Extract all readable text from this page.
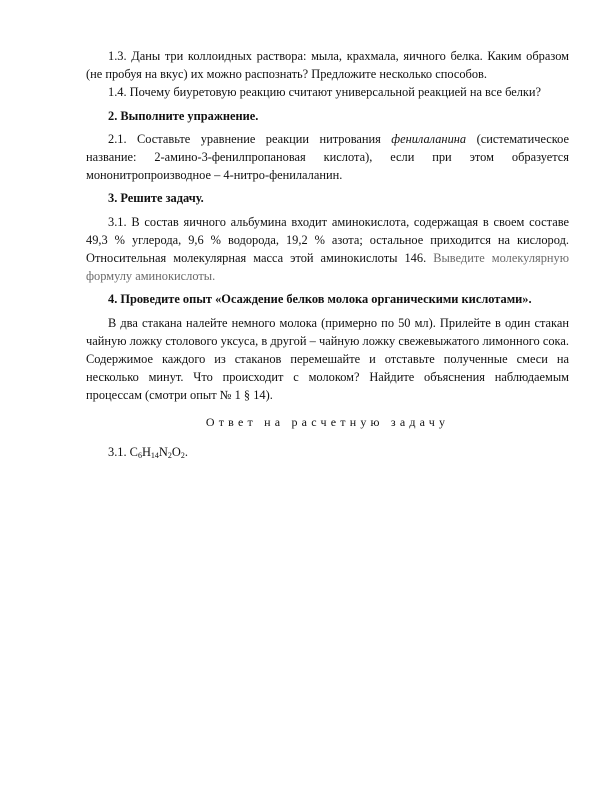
1.3. Даны три коллоидных раствора: мыла, крахмала, яичного белка. Каким образом (не пробуя на вкус) их можно распознать? Предложите несколько способов.

1.4. Почему биуретовую реакцию считают универсальной реакцией на все белки?

2. Выполните упражнение.

2.1. Составьте уравнение реакции нитрования фенилаланина (систематическое название: 2-амино-3-фенилпропановая кислота), если при этом образуется мононитропроизводное – 4-нитро-фенилаланин.

3. Решите задачу.

3.1. В состав яичного альбумина входит аминокислота, содержащая в своем составе 49,3 % углерода, 9,6 % водорода, 19,2 % азота; остальное приходится на кислород. Относительная молекулярная масса этой аминокислоты 146. Выведите молекулярную формулу аминокислоты.

4. Проведите опыт «Осаждение белков молока органическими кислотами».

В два стакана налейте немного молока (примерно по 50 мл). Прилейте в один стакан чайную ложку столового уксуса, в другой – чайную ложку свежевыжатого лимонного сока. Содержимое каждого из стаканов перемешайте и отставьте полученные смеси на несколько минут. Что происходит с молоком? Найдите объяснения наблюдаемым процессам (смотри опыт № 1 § 14).

Ответ на расчетную задачу

3.1. $C_6H_{14}N_2O_2$.
